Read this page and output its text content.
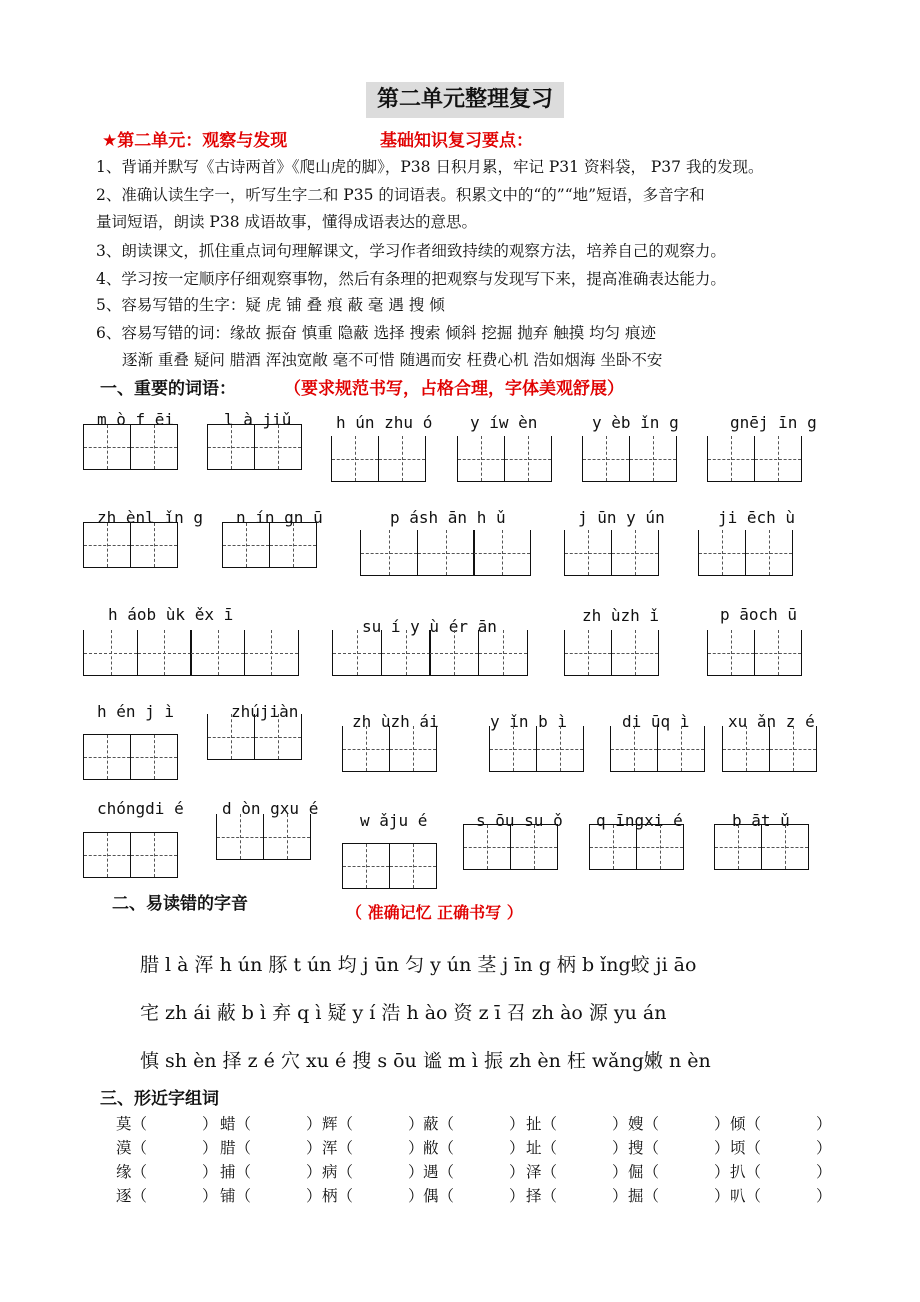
第二单元整理复习
★第二单元：观察与发现	基础知识复习要点：
1、背诵并默写《古诗两首》《爬山虎的脚》，P38 日积月累，牢记 P31 资料袋， P37 我的发现。
2、准确认读生字一，听写生字二和 P35 的词语表。积累文中的“的”“地”短语，多音字和
量词短语，朗读 P38 成语故事，懂得成语表达的意思。
3、朗读课文，抓住重点词句理解课文，学习作者细致持续的观察方法，培养自己的观察力。
4、学习按一定顺序仔细观察事物，然后有条理的把观察与发现写下来，提高准确表达能力。
5、容易写错的生字：疑 虎 铺 叠 痕 蔽 毫 遇 搜 倾
6、容易写错的词：缘故 振奋 慎重 隐蔽 选择 搜索 倾斜 挖掘 抛弃 触摸 均匀 痕迹
逐渐 重叠 疑问 腊酒 浑浊宽敞 毫不可惜 随遇而安 枉费心机 浩如烟海 坐卧不安
一、重要的词语：	（要求规范书写，占格合理，字体美观舒展）
m ò f ēi	l à jiǔ	h ún zhu ó y íw èn	y èb ǐn g	gnēj īn g
zh ènl ǐn g n ín gn ū	p ásh ān h ǔ	j ūn y ún	ji ēch ù
h áob ùk ěx ī
su í y ù ér ān
zh ùzh ǐ	p āoch ū
h én j ì	zhújiàn
zh ùzh ái	y ǐn b ì	di ūq ì xu ǎn z é
chóngdi é d òn gxu é
w ǎju é	s ōu su ǒ q īngxi é	b āt ǔ
二、易读错的字音	（ 准确记忆 正确书写 ）
腊 l à 浑 h ún 豚 t ún 均 j ūn 匀 y ún 茎 j īn g 柄 b ǐng蛟 ji āo
宅 zh ái 蔽 b ì 弃 q ì 疑 y í 浩 h ào 资 z ī 召 zh ào 源 yu án
慎 sh èn 择 z é 穴 xu é 搜 s ōu 谧 m ì 振 zh èn 枉 wǎng嫩 n èn
三、形近字组词
莫（	） 蜡（	） 辉（	） 蔽（	） 扯（	） 嫂（	） 倾（	）
漠（	） 腊（	） 浑（	） 敝（	） 址（	） 搜（	） 顷（	）
缘（	） 捕（	） 病（	） 遇（	） 泽（	） 倔（	） 扒（	）
逐（	） 铺（	） 柄（	） 偶（	） 择（	） 掘（	） 叭（	）
